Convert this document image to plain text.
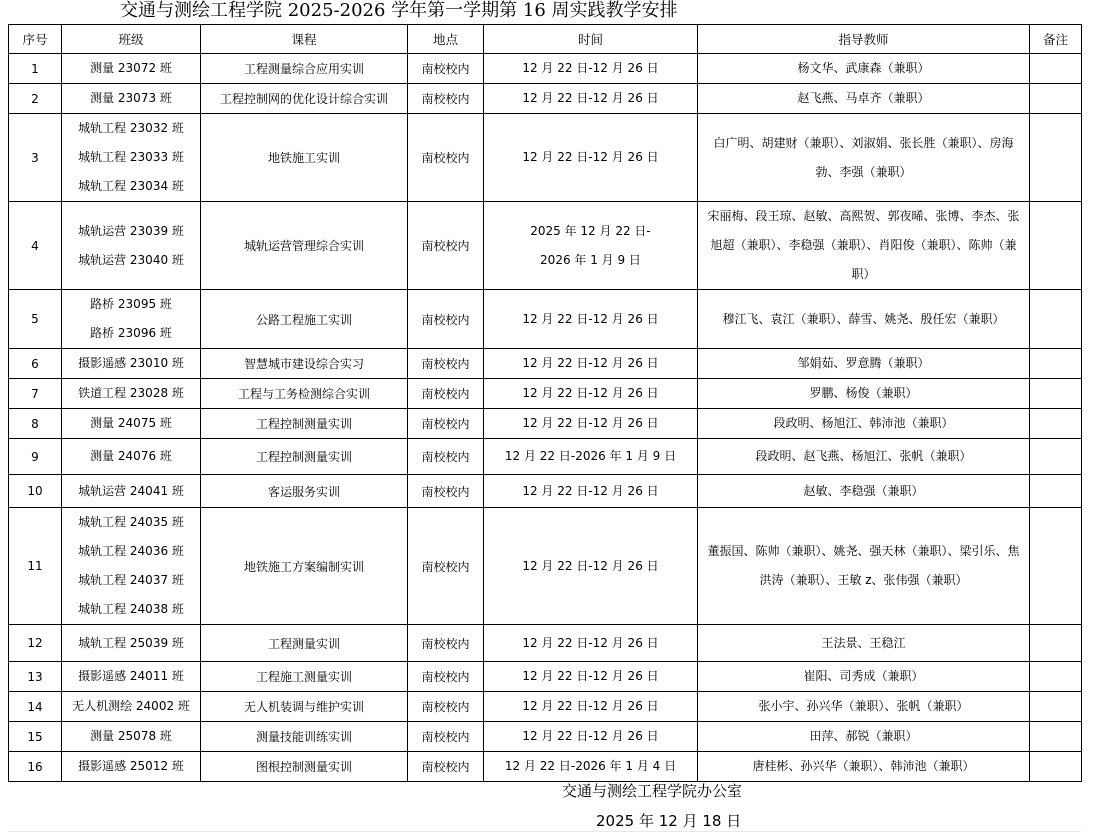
交通与测绘工程学院 2025-2026 学年第一学期第 16 周实践教学安排
序号	班级	课程	地点	时间	指导教师	备注
1	测量 23072 班	工程测量综合应用实训	南校校内	12 月 22 日-12 月 26 日	杨文华、武康森（兼职）	

2	测量 23073 班	工程控制网的优化设计综合实训	南校校内	12 月 22 日-12 月 26 日	赵飞燕、马卓齐（兼职）	

3	城轨工程 23032 班
城轨工程 23033 班
城轨工程 23034 班	地铁施工实训	南校校内	12 月 22 日-12 月 26 日	白广明、胡建财（兼职）、刘淑娟、张长胜（兼职）、房海勃、李强（兼职）	

4	城轨运营 23039 班
城轨运营 23040 班	城轨运营管理综合实训	南校校内	2025 年 12 月 22 日-
2026 年 1 月 9 日	宋丽梅、段王琼、赵敏、高熙贺、郭夜晞、张博、李杰、张旭超（兼职）、李稳强（兼职）、肖阳俊（兼职）、陈帅（兼职）	

5	路桥 23095 班
路桥 23096 班	公路工程施工实训	南校校内	12 月 22 日-12 月 26 日	穆江飞、袁江（兼职）、薛雪、姚尧、殷任宏（兼职）	

6	摄影遥感 23010 班	智慧城市建设综合实习	南校校内	12 月 22 日-12 月 26 日	邹娟茹、罗意腾（兼职）	

7	铁道工程 23028 班	工程与工务检测综合实训	南校校内	12 月 22 日-12 月 26 日	罗鹏、杨俊（兼职）	

8	测量 24075 班	工程控制测量实训	南校校内	12 月 22 日-12 月 26 日	段政明、杨旭江、韩沛池（兼职）	

9	测量 24076 班	工程控制测量实训	南校校内	12 月 22 日-2026 年 1 月 9 日	段政明、赵飞燕、杨旭江、张帆（兼职）	

10	城轨运营 24041 班	客运服务实训	南校校内	12 月 22 日-12 月 26 日	赵敏、李稳强（兼职）	

11	城轨工程 24035 班
城轨工程 24036 班
城轨工程 24037 班
城轨工程 24038 班	地铁施工方案编制实训	南校校内	12 月 22 日-12 月 26 日	董振国、陈帅（兼职）、姚尧、强天林（兼职）、梁引乐、焦洪涛（兼职）、王敏 z、张伟强（兼职）	

12	城轨工程 25039 班	工程测量实训	南校校内	12 月 22 日-12 月 26 日	王法景、王稳江	

13	摄影遥感 24011 班	工程施工测量实训	南校校内	12 月 22 日-12 月 26 日	崔阳、司秀成（兼职）	

14	无人机测绘 24002 班	无人机装调与维护实训	南校校内	12 月 22 日-12 月 26 日	张小宇、孙兴华（兼职）、张帆（兼职）	

15	测量 25078 班	测量技能训练实训	南校校内	12 月 22 日-12 月 26 日	田萍、郝锐（兼职）	

16	摄影遥感 25012 班	图根控制测量实训	南校校内	12 月 22 日-2026 年 1 月 4 日	唐桂彬、孙兴华（兼职）、韩沛池（兼职）	

交通与测绘工程学院办公室
2025 年 12 月 18 日
